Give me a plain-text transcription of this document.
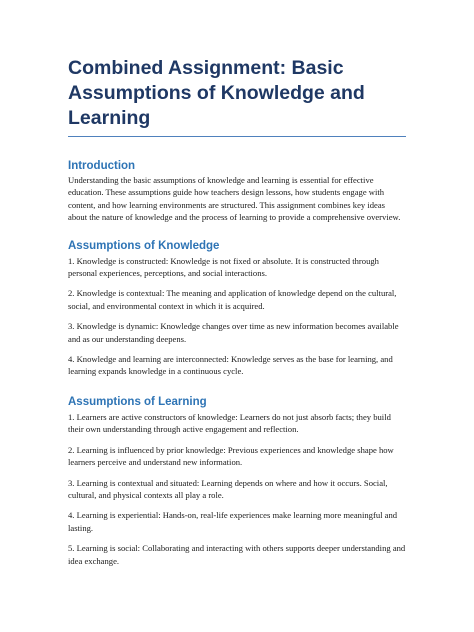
Combined Assignment: Basic Assumptions of Knowledge and Learning
Introduction

Understanding the basic assumptions of knowledge and learning is essential for effective education. These assumptions guide how teachers design lessons, how students engage with content, and how learning environments are structured. This assignment combines key ideas about the nature of knowledge and the process of learning to provide a comprehensive overview.

Assumptions of Knowledge

1. Knowledge is constructed: Knowledge is not fixed or absolute. It is constructed through personal experiences, perceptions, and social interactions.

2. Knowledge is contextual: The meaning and application of knowledge depend on the cultural, social, and environmental context in which it is acquired.

3. Knowledge is dynamic: Knowledge changes over time as new information becomes available and as our understanding deepens.

4. Knowledge and learning are interconnected: Knowledge serves as the base for learning, and learning expands knowledge in a continuous cycle.

Assumptions of Learning

1. Learners are active constructors of knowledge: Learners do not just absorb facts; they build their own understanding through active engagement and reflection.

2. Learning is influenced by prior knowledge: Previous experiences and knowledge shape how learners perceive and understand new information.

3. Learning is contextual and situated: Learning depends on where and how it occurs. Social, cultural, and physical contexts all play a role.

4. Learning is experiential: Hands-on, real-life experiences make learning more meaningful and lasting.

5. Learning is social: Collaborating and interacting with others supports deeper understanding and idea exchange.
